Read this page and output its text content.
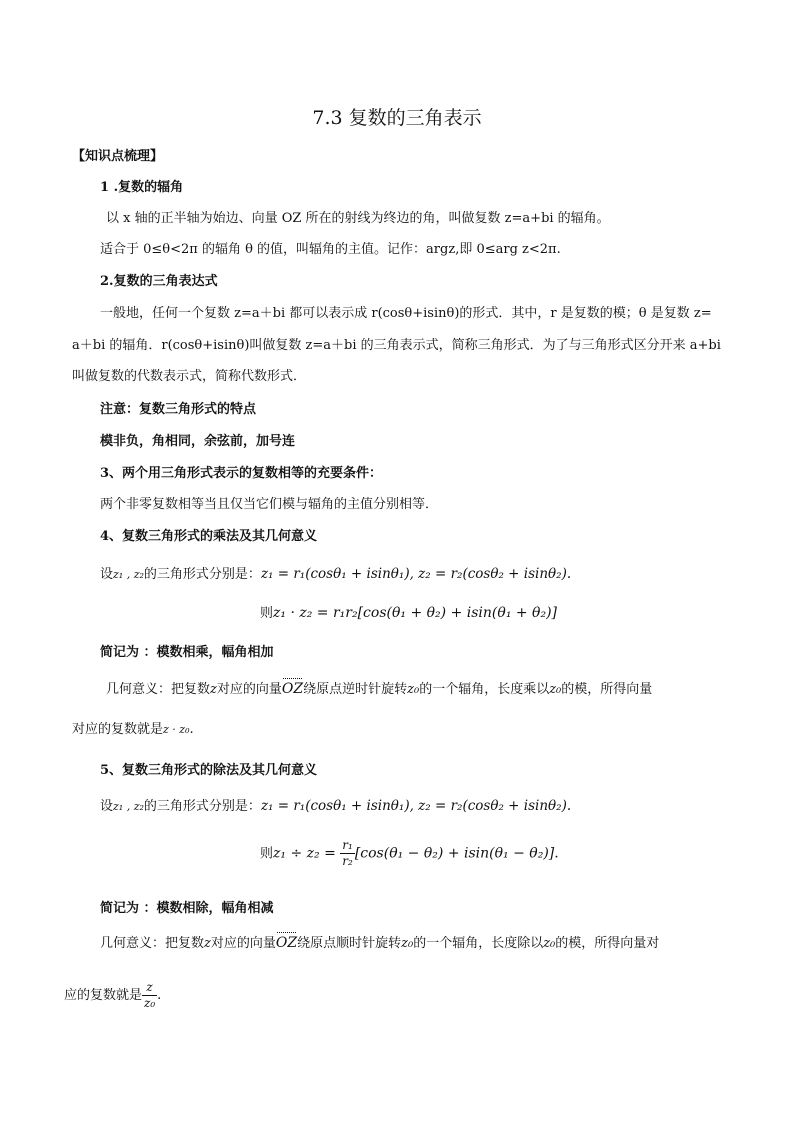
7.3 复数的三角表示
【知识点梳理】
1 .复数的辐角
以 x 轴的正半轴为始边、向量 OZ 所在的射线为终边的角，叫做复数 z=a+bi 的辐角。
适合于 0≤θ<2π 的辐角 θ 的值，叫辐角的主值。记作：argz,即 0≤arg z<2π.
2.复数的三角表达式
一般地，任何一个复数 z=a＋bi 都可以表示成 r(cosθ+isinθ)的形式．其中，r 是复数的模；θ 是复数 z=
a＋bi 的辐角．r(cosθ+isinθ)叫做复数 z=a＋bi 的三角表示式，简称三角形式．为了与三角形式区分开来 a+bi
叫做复数的代数表示式，简称代数形式．
注意：复数三角形式的特点
模非负，角相同，余弦前，加号连
3、两个用三角形式表示的复数相等的充要条件：
两个非零复数相等当且仅当它们模与辐角的主值分别相等．
4、复数三角形式的乘法及其几何意义
设z₁ , z₂的三角形式分别是：z₁ = r₁(cosθ₁ + isinθ₁), z₂ = r₂(cosθ₂ + isinθ₂).
则z₁ · z₂ = r₁r₂[cos(θ₁ + θ₂) + isin(θ₁ + θ₂)]
简记为 ：模数相乘，幅角相加
几何意义：把复数z对应的向量OZ绕原点逆时针旋转z₀的一个辐角，长度乘以z₀的模，所得向量
对应的复数就是z · z₀.
5、复数三角形式的除法及其几何意义
设z₁ , z₂的三角形式分别是：z₁ = r₁(cosθ₁ + isinθ₁), z₂ = r₂(cosθ₂ + isinθ₂).
则$z_1 \div z_2 = \frac{\text{r₁}}{\text{r₂}} [\cos(\theta_1 - \theta_2) + isin(\theta_1 - \theta_2)]$.
简记为 ：模数相除，幅角相减
几何意义：把复数z对应的向量OZ绕原点顺时针旋转z₀的一个辐角，长度除以z₀的模，所得向量对
应的复数就是 $\frac{z}{\text{z₀}}$ .
